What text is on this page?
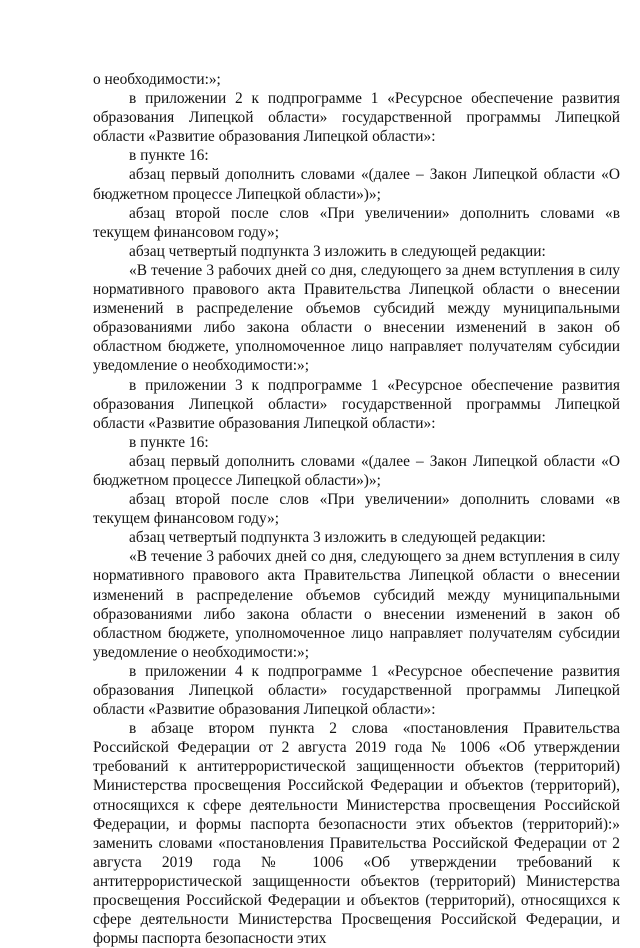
о необходимости:»;

в приложении 2 к подпрограмме 1 «Ресурсное обеспечение развития образования Липецкой области» государственной программы Липецкой области «Развитие образования Липецкой области»:

в пункте 16:

абзац первый дополнить словами «(далее – Закон Липецкой области «О бюджетном процессе Липецкой области»)»;

абзац второй после слов «При увеличении» дополнить словами «в текущем финансовом году»;

абзац четвертый подпункта 3 изложить в следующей редакции:

«В течение 3 рабочих дней со дня, следующего за днем вступления в силу нормативного правового акта Правительства Липецкой области о внесении изменений в распределение объемов субсидий между муниципальными образованиями либо закона области о внесении изменений в закон об областном бюджете, уполномоченное лицо направляет получателям субсидии уведомление о необходимости:»;

в приложении 3 к подпрограмме 1 «Ресурсное обеспечение развития образования Липецкой области» государственной программы Липецкой области «Развитие образования Липецкой области»:

в пункте 16:

абзац первый дополнить словами «(далее – Закон Липецкой области «О бюджетном процессе Липецкой области»)»;

абзац второй после слов «При увеличении» дополнить словами «в текущем финансовом году»;

абзац четвертый подпункта 3 изложить в следующей редакции:

«В течение 3 рабочих дней со дня, следующего за днем вступления в силу нормативного правового акта Правительства Липецкой области о внесении изменений в распределение объемов субсидий между муниципальными образованиями либо закона области о внесении изменений в закон об областном бюджете, уполномоченное лицо направляет получателям субсидии уведомление о необходимости:»;

в приложении 4 к подпрограмме 1 «Ресурсное обеспечение развития образования Липецкой области» государственной программы Липецкой области «Развитие образования Липецкой области»:

в абзаце втором пункта 2 слова «постановления Правительства Российской Федерации от 2 августа 2019 года № 1006 «Об утверждении требований к антитеррористической защищенности объектов (территорий) Министерства просвещения Российской Федерации и объектов (территорий), относящихся к сфере деятельности Министерства просвещения Российской Федерации, и формы паспорта безопасности этих объектов (территорий):» заменить словами «постановления Правительства Российской Федерации от 2 августа 2019 года № 1006 «Об утверждении требований к антитеррористической защищенности объектов (территорий) Министерства просвещения Российской Федерации и объектов (территорий), относящихся к сфере деятельности Министерства Просвещения Российской Федерации, и формы паспорта безопасности этих
